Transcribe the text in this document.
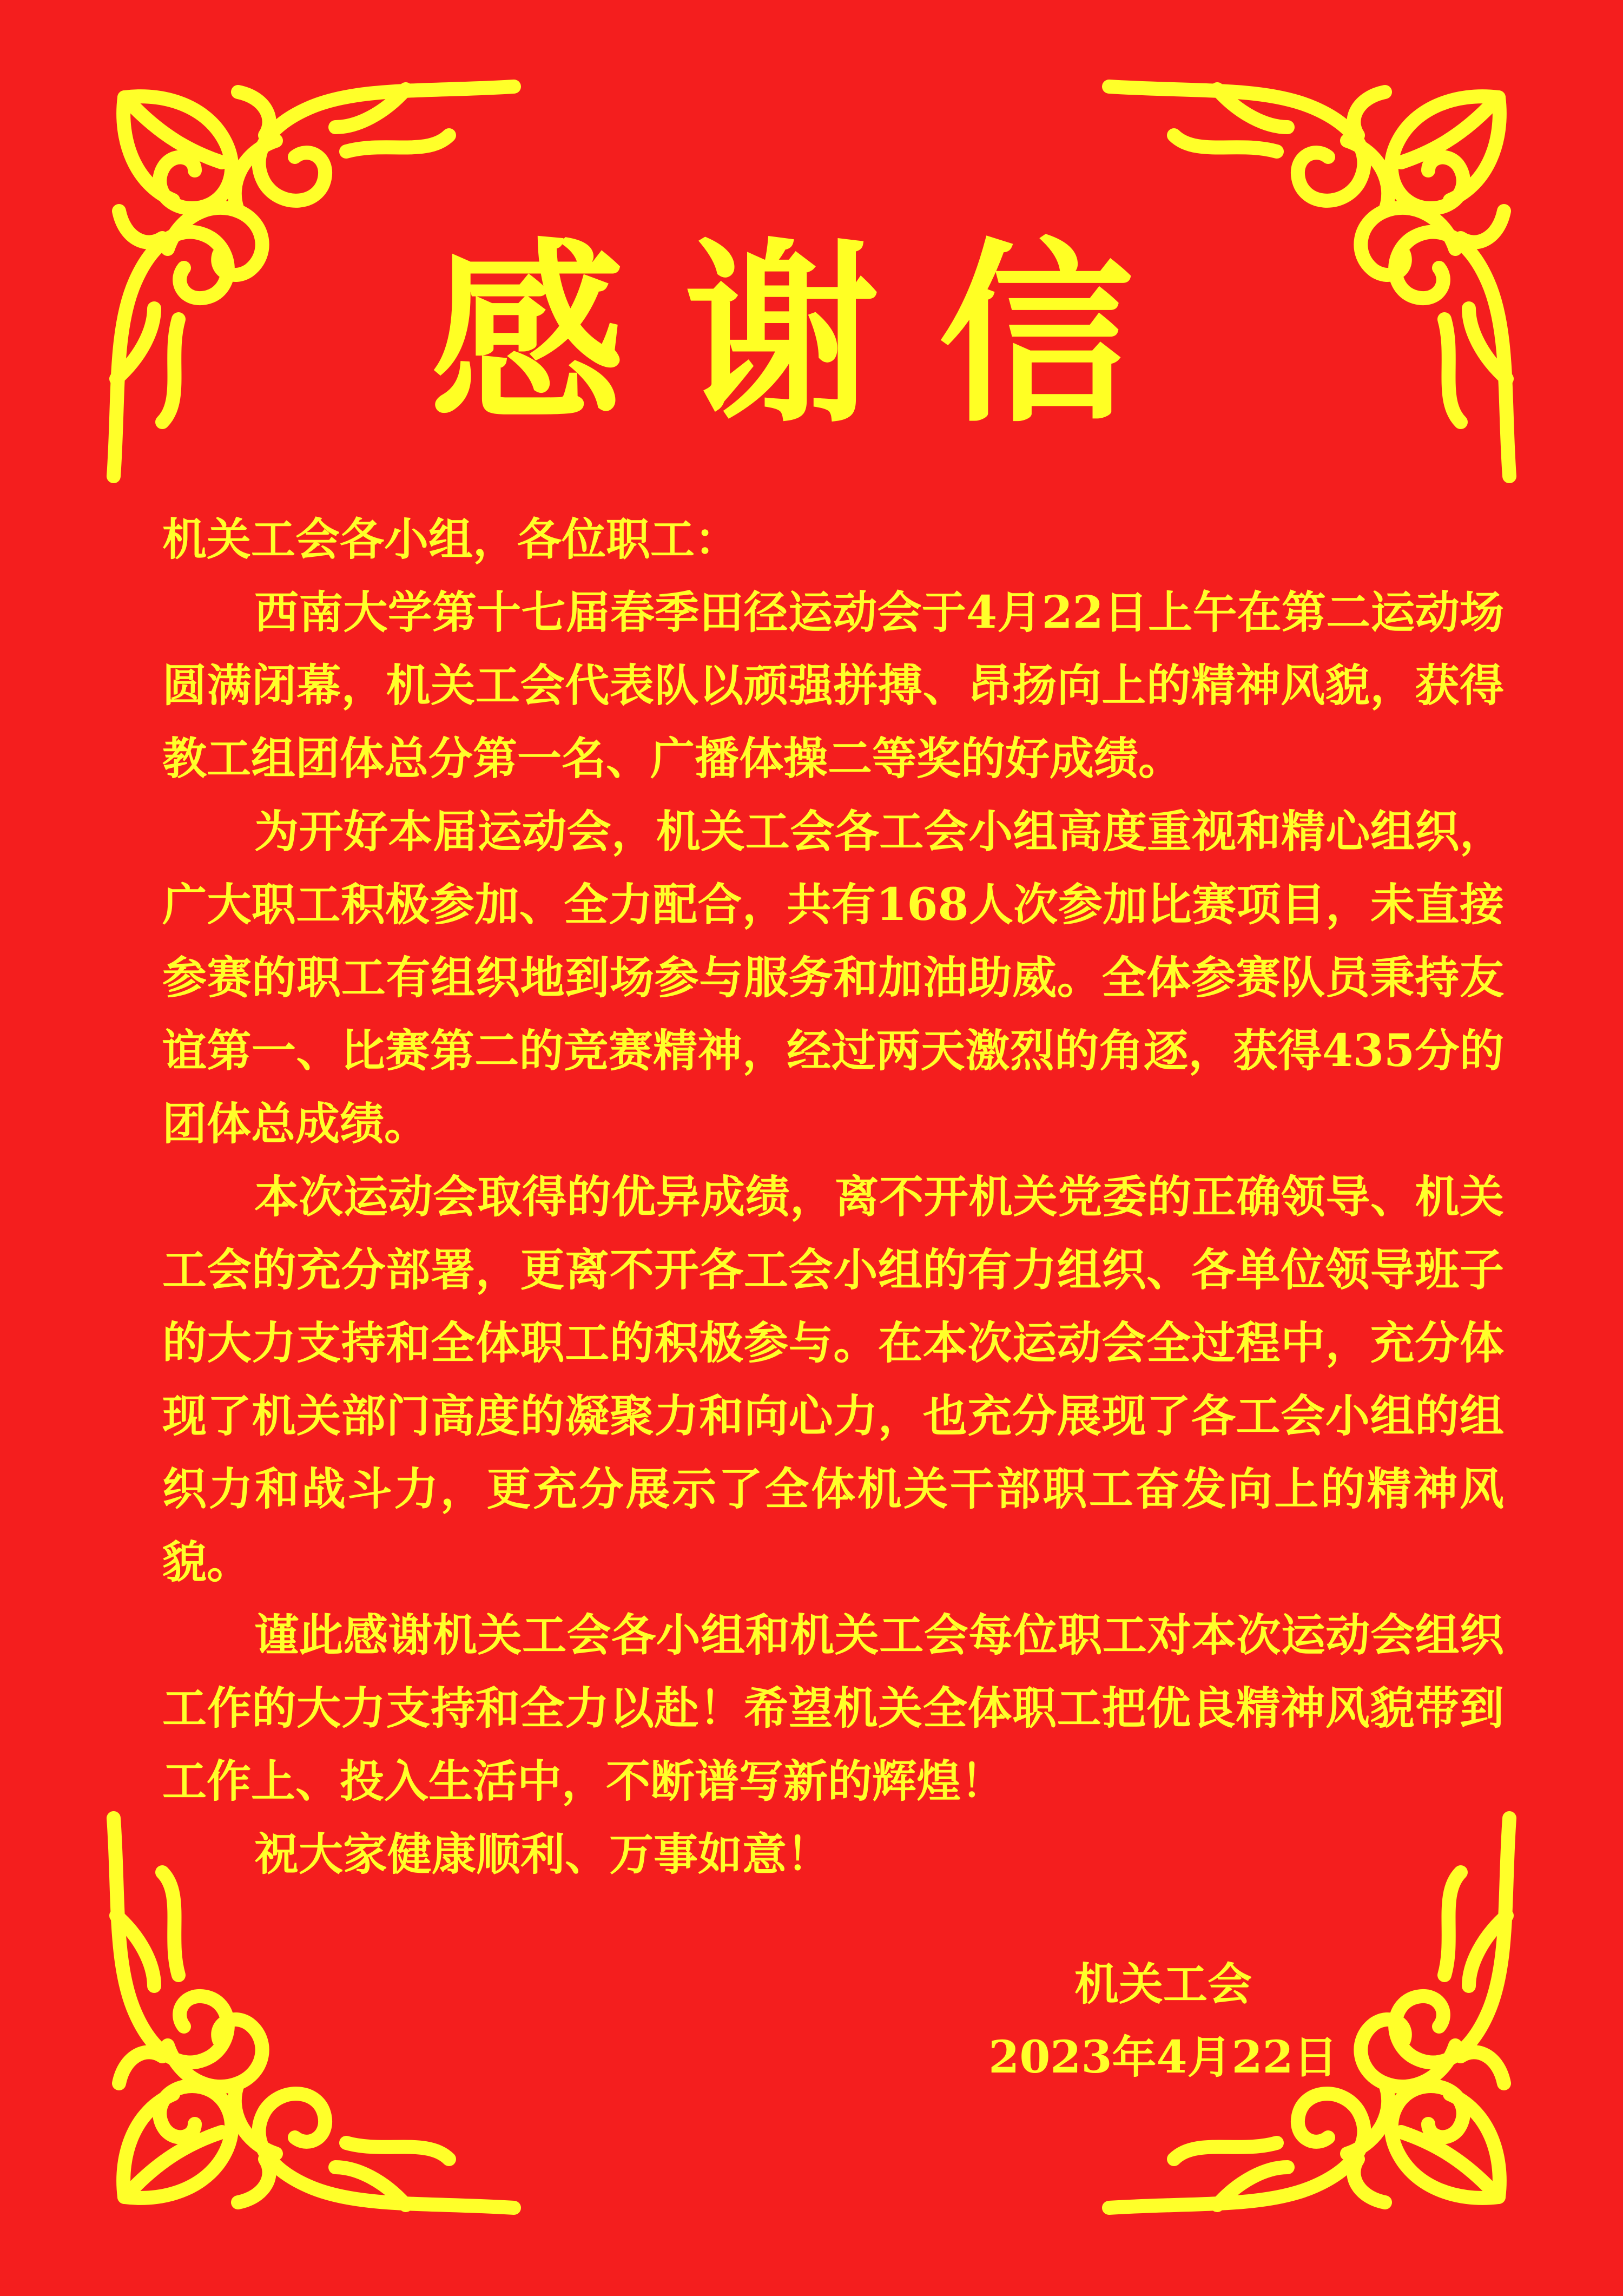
感谢信

机关工会各小组，各位职工：

西南大学第十七届春季田径运动会于4月22日上午在第二运动场圆满闭幕，机关工会代表队以顽强拼搏、昂扬向上的精神风貌，获得教工组团体总分第一名、广播体操二等奖的好成绩。

为开好本届运动会，机关工会各工会小组高度重视和精心组织，广大职工积极参加、全力配合，共有168人次参加比赛项目，未直接参赛的职工有组织地到场参与服务和加油助威。全体参赛队员秉持友谊第一、比赛第二的竞赛精神，经过两天激烈的角逐，获得435分的团体总成绩。

本次运动会取得的优异成绩，离不开机关党委的正确领导、机关工会的充分部署，更离不开各工会小组的有力组织、各单位领导班子的大力支持和全体职工的积极参与。在本次运动会全过程中，充分体现了机关部门高度的凝聚力和向心力，也充分展现了各工会小组的组织力和战斗力，更充分展示了全体机关干部职工奋发向上的精神风貌。

谨此感谢机关工会各小组和机关工会每位职工对本次运动会组织工作的大力支持和全力以赴！希望机关全体职工把优良精神风貌带到工作上、投入生活中，不断谱写新的辉煌！

祝大家健康顺利、万事如意！

机关工会
2023年4月22日
